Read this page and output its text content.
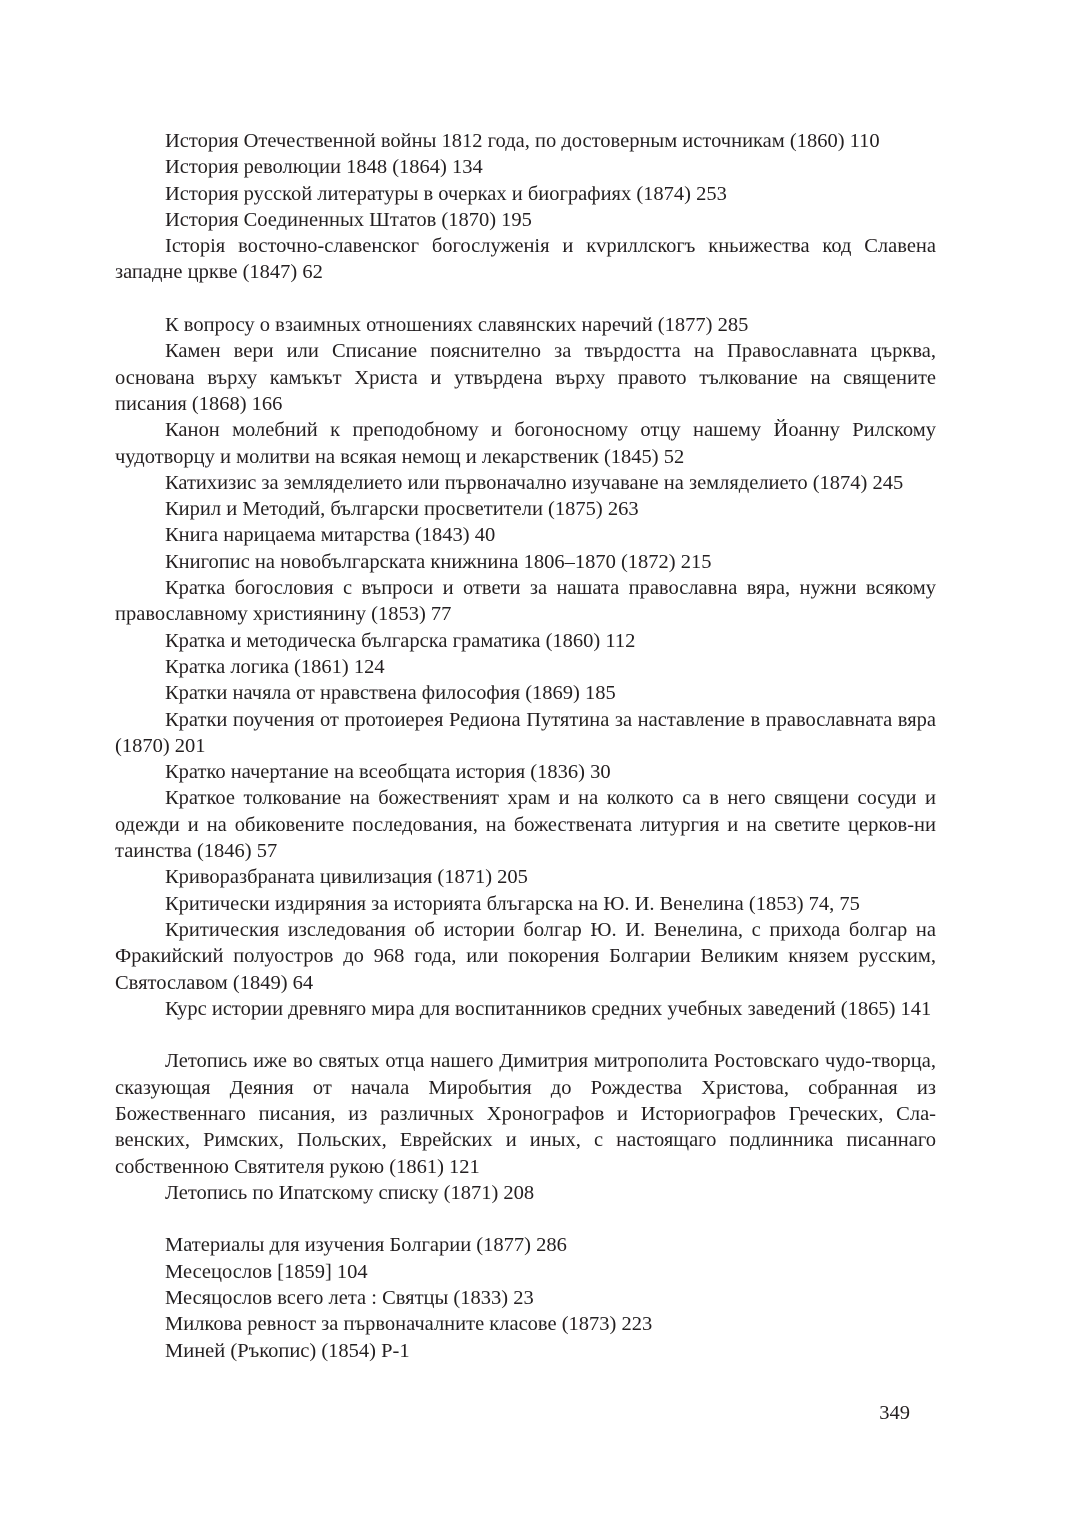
История Отечественной войны 1812 года, по достоверным источникам (1860) 110

История революции 1848 (1864) 134

История русской литературы в очерках и биографиях (1874) 253

История Соединенных Штатов (1870) 195

Iсторiя восточно-славенског богослуженiя и кvриллскогъ кньижества код Славена западне цркве (1847) 62

К вопросу о взаимных отношениях славянских наречий (1877) 285

Камен вери или Списание пояснително за твърдостта на Православната църква, основана върху камъкът Христа и утвърдена върху правото тълкование на священите писания (1868) 166

Канон молебний к преподобному и богоносному отцу нашему Йоанну Рилскому чудотворцу и молитви на всякая немощ и лекарственик (1845) 52

Катихизис за земляделието или първоначално изучаване на земляделието (1874) 245

Кирил и Методий, български просветители (1875) 263

Книга нарицаема митарства (1843) 40

Книгопис на новобългарската книжнина 1806–1870 (1872) 215

Кратка богословия с въпроси и ответи за нашата православна вяра, нужни всякому православному християнину (1853) 77

Кратка и методическа българска граматика (1860) 112

Кратка логика (1861) 124

Кратки начяла от нравствена философия (1869) 185

Кратки поучения от протоиерея Редиона Путятина за наставление в православната вяра (1870) 201

Кратко начертание на всеобщата история (1836) 30

Краткое толкование на божественият храм и на колкото са в него священи сосуди и одежди и на обиковените последования, на божествената литургия и на светите церков-ни таинства (1846) 57

Криворазбраната цивилизация (1871) 205

Критически издиряния за историята блъгарска на Ю. И. Венелина (1853) 74, 75

Критическия изследования об истории болгар Ю. И. Венелина, с прихода болгар на Фракийский полуостров до 968 года, или покорения Болгарии Великим князем русским, Святославом (1849) 64

Курс истории древняго мира для воспитанников средних учебных заведений (1865) 141

Летопись иже во святых отца нашего Димитрия митрополита Ростовскаго чудо-творца, сказующая Деяния от начала Миробытия до Рождества Христова, собранная из Божественнаго писания, из различных Хронографов и Историографов Греческих, Сла-венских, Римских, Польских, Еврейских и иных, с настоящаго подлинника писаннаго собственною Святителя рукою (1861) 121

Летопись по Ипатскому списку (1871) 208

Материалы для изучения Болгарии (1877) 286

Месецослов [1859] 104

Месяцослов всего лета : Святцы (1833) 23

Милкова ревност за първоначалните класове (1873) 223

Миней (Ръкопис) (1854) Р-1

349
